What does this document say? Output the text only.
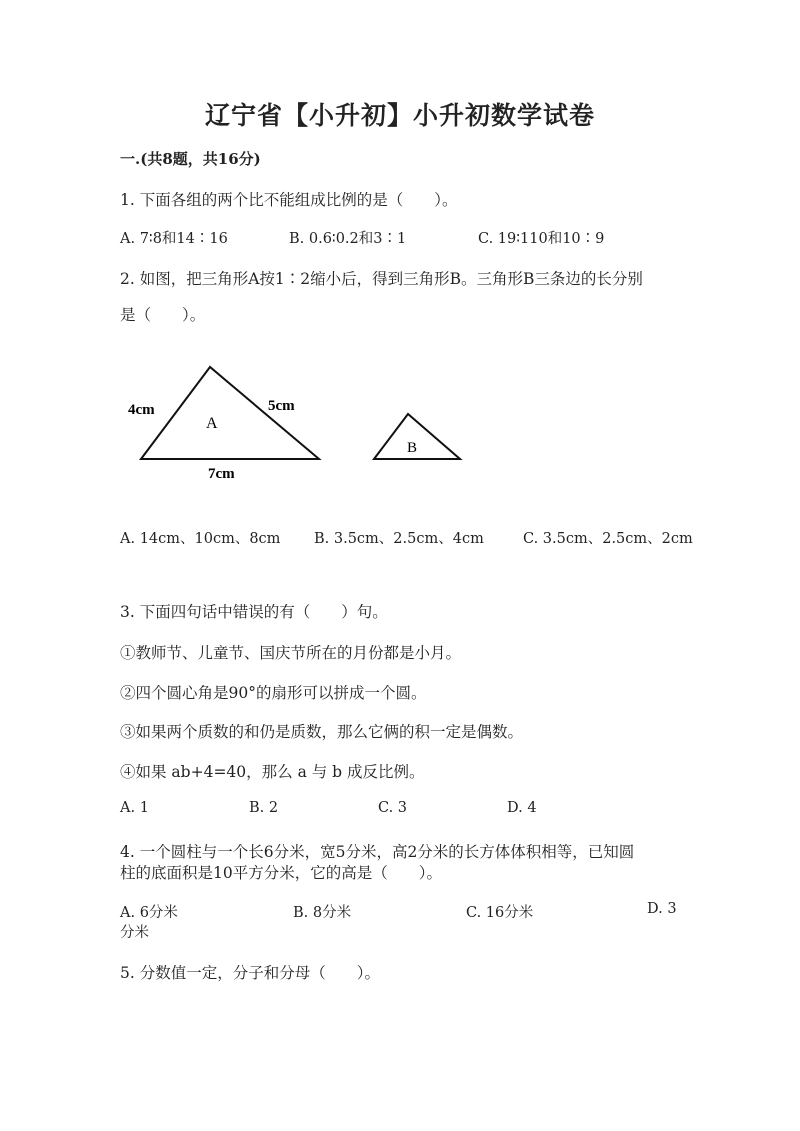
辽宁省【小升初】小升初数学试卷
一.(共8题，共16分)
1. 下面各组的两个比不能组成比例的是（　　）。
A. 7∶8和14∶16	B. 0.6∶0.2和3∶1	C. 19∶110和10∶9
2. 如图，把三角形A按1∶2缩小后，得到三角形B。三角形B三条边的长分别
是（　　）。
A
4cm	5cm
7cm
B
A. 14cm、10cm、8cm B. 3.5cm、2.5cm、4cm	C. 3.5cm、2.5cm、2cm
3. 下面四句话中错误的有（　　）句。
①教师节、儿童节、国庆节所在的月份都是小月。
②四个圆心角是90°的扇形可以拼成一个圆。
③如果两个质数的和仍是质数，那么它俩的积一定是偶数。
④如果 ab+4=40，那么 a 与 b 成反比例。
A. 1	B. 2	C. 3	D. 4
4. 一个圆柱与一个长6分米，宽5分米，高2分米的长方体体积相等，已知圆
柱的底面积是10平方分米，它的高是（　　）。
A. 6分米	B. 8分米	C. 16分米	D. 3
分米
5. 分数值一定，分子和分母（　　）。
